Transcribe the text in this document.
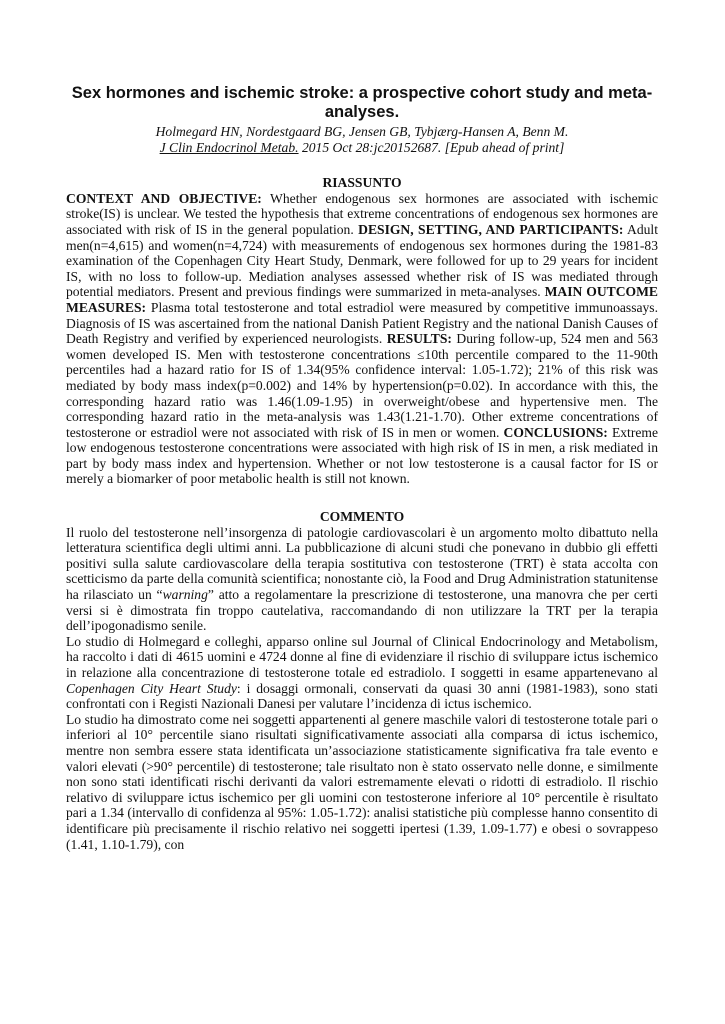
Sex hormones and ischemic stroke: a prospective cohort study and meta-analyses.

Holmegard HN, Nordestgaard BG, Jensen GB, Tybjærg-Hansen A, Benn M.

J Clin Endocrinol Metab. 2015 Oct 28:jc20152687. [Epub ahead of print]

RIASSUNTO

CONTEXT AND OBJECTIVE: Whether endogenous sex hormones are associated with ischemic stroke(IS) is unclear. We tested the hypothesis that extreme concentrations of endogenous sex hormones are associated with risk of IS in the general population. DESIGN, SETTING, AND PARTICIPANTS: Adult men(n=4,615) and women(n=4,724) with measurements of endogenous sex hormones during the 1981-83 examination of the Copenhagen City Heart Study, Denmark, were followed for up to 29 years for incident IS, with no loss to follow-up. Mediation analyses assessed whether risk of IS was mediated through potential mediators. Present and previous findings were summarized in meta-analyses. MAIN OUTCOME MEASURES: Plasma total testosterone and total estradiol were measured by competitive immunoassays. Diagnosis of IS was ascertained from the national Danish Patient Registry and the national Danish Causes of Death Registry and verified by experienced neurologists. RESULTS: During follow-up, 524 men and 563 women developed IS. Men with testosterone concentrations ≤10th percentile compared to the 11-90th percentiles had a hazard ratio for IS of 1.34(95% confidence interval: 1.05-1.72); 21% of this risk was mediated by body mass index(p=0.002) and 14% by hypertension(p=0.02). In accordance with this, the corresponding hazard ratio was 1.46(1.09-1.95) in overweight/obese and hypertensive men. The corresponding hazard ratio in the meta-analysis was 1.43(1.21-1.70). Other extreme concentrations of testosterone or estradiol were not associated with risk of IS in men or women. CONCLUSIONS: Extreme low endogenous testosterone concentrations were associated with high risk of IS in men, a risk mediated in part by body mass index and hypertension. Whether or not low testosterone is a causal factor for IS or merely a biomarker of poor metabolic health is still not known.

COMMENTO

Il ruolo del testosterone nell’insorgenza di patologie cardiovascolari è un argomento molto dibattuto nella letteratura scientifica degli ultimi anni. La pubblicazione di alcuni studi che ponevano in dubbio gli effetti positivi sulla salute cardiovascolare della terapia sostitutiva con testosterone (TRT) è stata accolta con scetticismo da parte della comunità scientifica; nonostante ciò, la Food and Drug Administration statunitense ha rilasciato un “warning” atto a regolamentare la prescrizione di testosterone, una manovra che per certi versi si è dimostrata fin troppo cautelativa, raccomandando di non utilizzare la TRT per la terapia dell’ipogonadismo senile.

Lo studio di Holmegard e colleghi, apparso online sul Journal of Clinical Endocrinology and Metabolism, ha raccolto i dati di 4615 uomini e 4724 donne al fine di evidenziare il rischio di sviluppare ictus ischemico in relazione alla concentrazione di testosterone totale ed estradiolo. I soggetti in esame appartenevano al Copenhagen City Heart Study: i dosaggi ormonali, conservati da quasi 30 anni (1981-1983), sono stati confrontati con i Registi Nazionali Danesi per valutare l’incidenza di ictus ischemico.

Lo studio ha dimostrato come nei soggetti appartenenti al genere maschile valori di testosterone totale pari o inferiori al 10° percentile siano risultati significativamente associati alla comparsa di ictus ischemico, mentre non sembra essere stata identificata un’associazione statisticamente significativa fra tale evento e valori elevati (>90° percentile) di testosterone; tale risultato non è stato osservato nelle donne, e similmente non sono stati identificati rischi derivanti da valori estremamente elevati o ridotti di estradiolo. Il rischio relativo di sviluppare ictus ischemico per gli uomini con testosterone inferiore al 10° percentile è risultato pari a 1.34 (intervallo di confidenza al 95%: 1.05-1.72): analisi statistiche più complesse hanno consentito di identificare più precisamente il rischio relativo nei soggetti ipertesi (1.39, 1.09-1.77) e obesi o sovrappeso (1.41, 1.10-1.79), con
